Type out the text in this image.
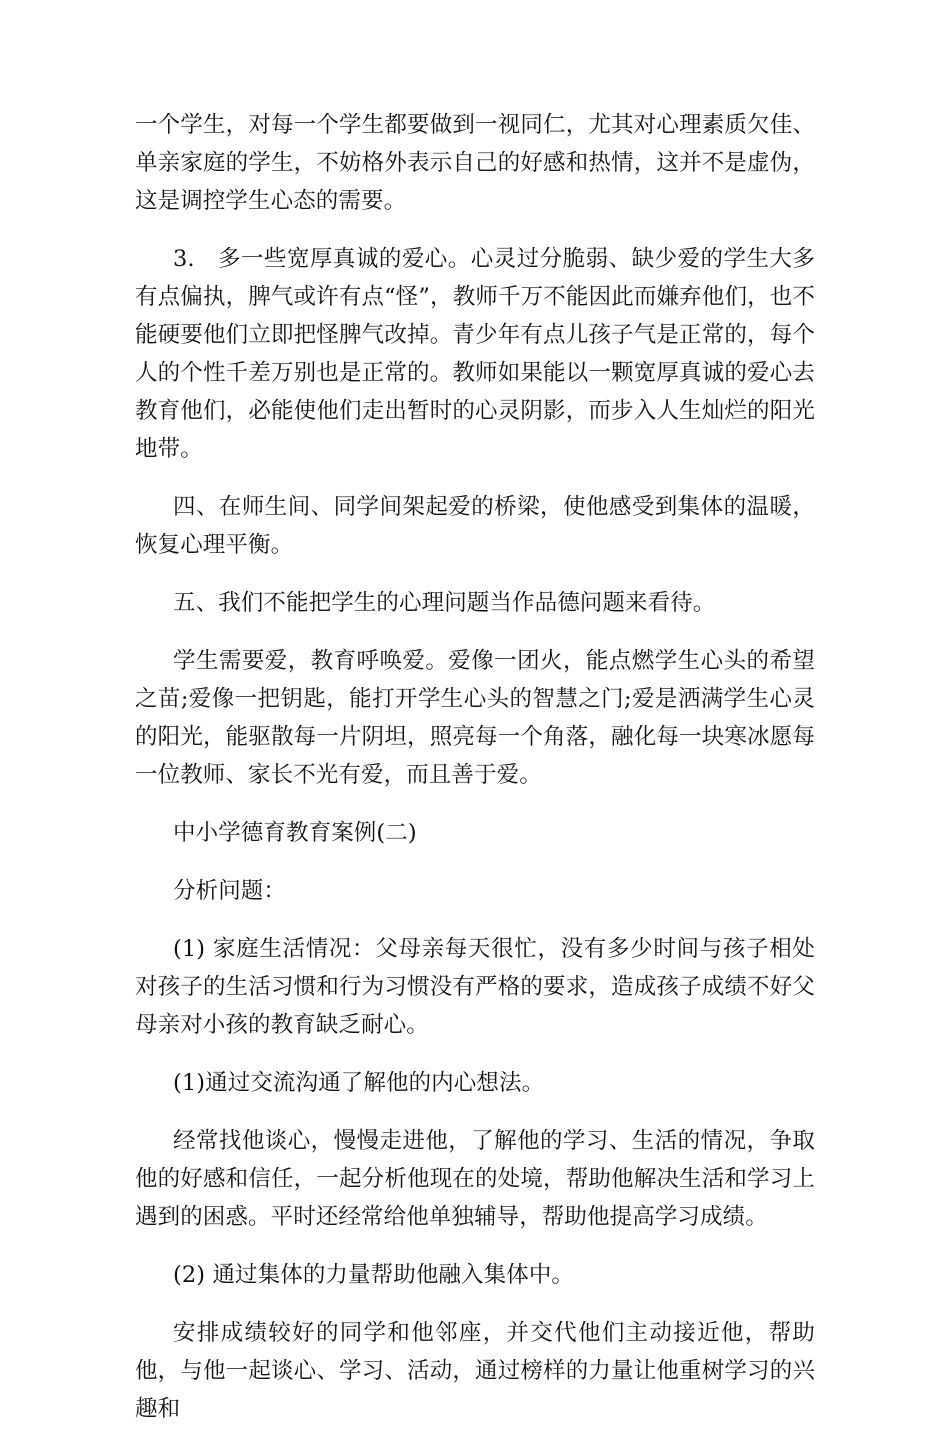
一个学生，对每一个学生都要做到一视同仁，尤其对心理素质欠佳、单亲家庭的学生，不妨格外表示自己的好感和热情，这并不是虚伪，这是调控学生心态的需要。

3.　多一些宽厚真诚的爱心。心灵过分脆弱、缺少爱的学生大多有点偏执，脾气或许有点“怪”，教师千万不能因此而嫌弃他们，也不能硬要他们立即把怪脾气改掉。青少年有点儿孩子气是正常的，每个人的个性千差万别也是正常的。教师如果能以一颗宽厚真诚的爱心去教育他们，必能使他们走出暂时的心灵阴影，而步入人生灿烂的阳光地带。

四、在师生间、同学间架起爱的桥梁，使他感受到集体的温暖，恢复心理平衡。

五、我们不能把学生的心理问题当作品德问题来看待。

学生需要爱，教育呼唤爱。爱像一团火，能点燃学生心头的希望之苗;爱像一把钥匙，能打开学生心头的智慧之门;爱是洒满学生心灵的阳光，能驱散每一片阴坦，照亮每一个角落，融化每一块寒冰愿每一位教师、家长不光有爱，而且善于爱。

中小学德育教育案例(二)

分析问题：

(1) 家庭生活情况：父母亲每天很忙，没有多少时间与孩子相处对孩子的生活习惯和行为习惯没有严格的要求，造成孩子成绩不好父母亲对小孩的教育缺乏耐心。

(1)通过交流沟通了解他的内心想法。

经常找他谈心，慢慢走进他，了解他的学习、生活的情况，争取他的好感和信任，一起分析他现在的处境，帮助他解决生活和学习上遇到的困惑。平时还经常给他单独辅导，帮助他提高学习成绩。

(2) 通过集体的力量帮助他融入集体中。

安排成绩较好的同学和他邻座，并交代他们主动接近他，帮助他，与他一起谈心、学习、活动，通过榜样的力量让他重树学习的兴趣和
